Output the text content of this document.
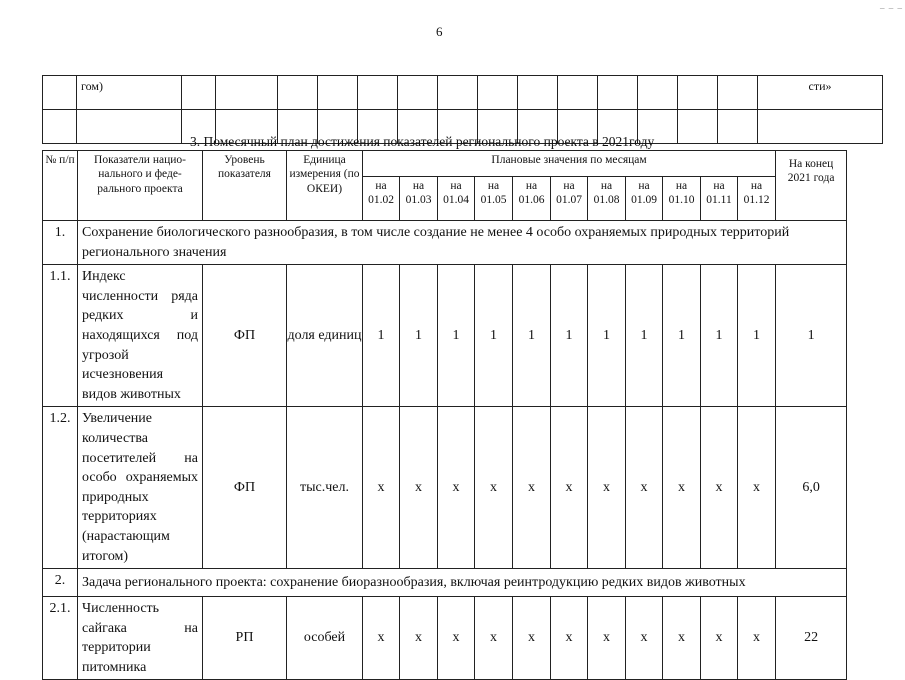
6
_ _ _
	гом)															сти»

3. Помесячный план достижения показателей регионального проекта в 2021году
№ п/п	Показатели нацио-нального и феде-рального проекта	Уровень показателя	Единица измерения (по ОКЕИ)	Плановые значения по месяцам											На конец 2021 года
				на 01.02	на 01.03	на 01.04	на 01.05	на 01.06	на 01.07	на 01.08	на 01.09	на 01.10	на 01.11	на 01.12	
1.	Сохранение биологического разнообразия, в том числе создание не менее 4 особо охраняемых природных территорий регионального значения														
1.1.	Индекс численности ряда редких и находящихся под угрозой исчезновения видов животных	ФП	доля единиц	1	1	1	1	1	1	1	1	1	1	1	1
1.2.	Увеличение количества посетителей на особо охраняемых природных территориях (нарастающим итогом)	ФП	тыс.чел.	х	х	х	х	х	х	х	х	х	х	х	6,0
2.	Задача регионального проекта: сохранение биоразнообразия, включая реинтродукцию редких видов животных														
2.1.	Численность сайгака на территории питомника	РП	особей	х	х	х	х	х	х	х	х	х	х	х	22
